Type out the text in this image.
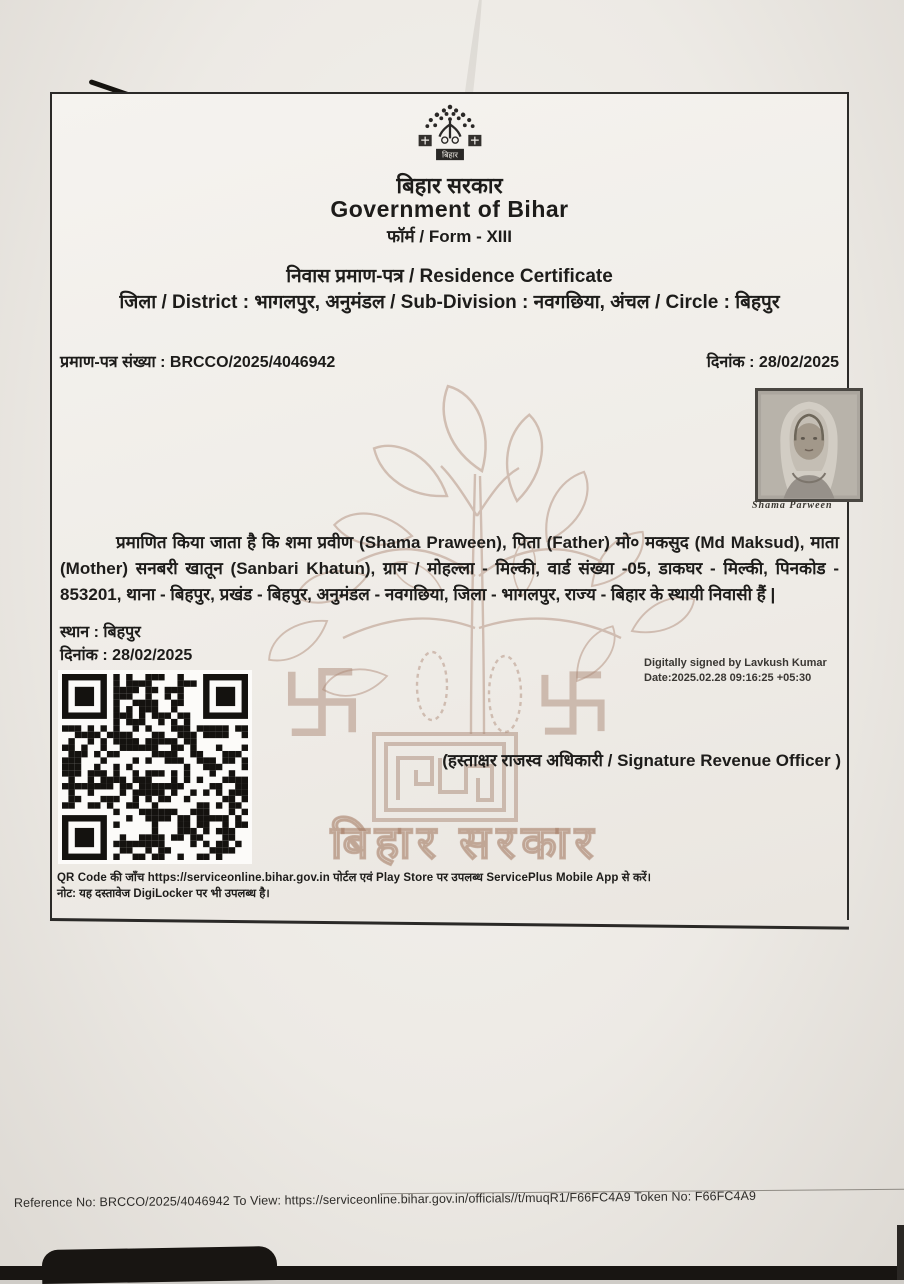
बिहार
बिहार सरकार
Government of Bihar
फॉर्म / Form - XIII
निवास प्रमाण-पत्र / Residence Certificate
जिला / District : भागलपुर, अनुमंडल / Sub-Division : नवगछिया, अंचल / Circle : बिहपुर
प्रमाण-पत्र संख्या : BRCCO/2025/4046942	दिनांक : 28/02/2025
Shama Parween
बिहार सरकार
प्रमाणित किया जाता है कि शमा प्रवीण (Shama Praween), पिता (Father) मो० मकसुद (Md Maksud), माता (Mother) सनबरी खातून (Sanbari Khatun), ग्राम / मोहल्ला - मिल्की, वार्ड संख्या -05, डाकघर - मिल्की, पिनकोड - 853201, थाना - बिहपुर, प्रखंड - बिहपुर, अनुमंडल - नवगछिया, जिला - भागलपुर, राज्य - बिहार के स्थायी निवासी हैं |
स्थान : बिहपुर
दिनांक : 28/02/2025	Digitally signed by Lavkush Kumar
Date:2025.02.28 09:16:25 +05:30
(हस्ताक्षर राजस्व अधिकारी / Signature Revenue Officer )
QR Code की जाँच https://serviceonline.bihar.gov.in पोर्टल एवं Play Store पर उपलब्ध ServicePlus Mobile App से करें।
नोट: यह दस्तावेज DigiLocker पर भी उपलब्ध है।
Reference No: BRCCO/2025/4046942 To View: https://serviceonline.bihar.gov.in/officials//t/muqR1/F66FC4A9 Token No: F66FC4A9
